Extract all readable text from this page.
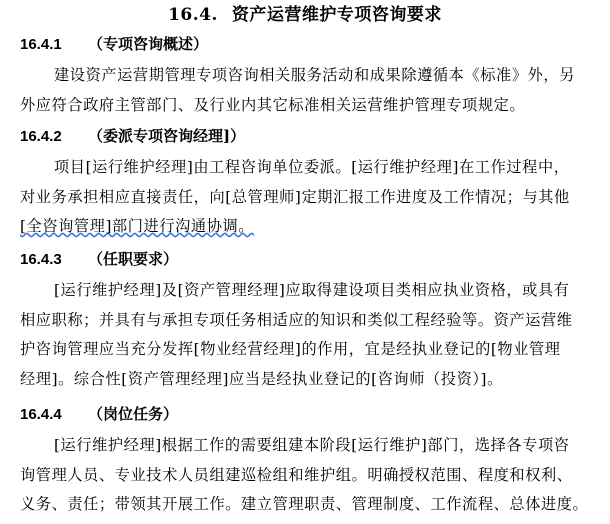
16.4. 资产运营维护专项咨询要求
16.4.1 （专项咨询概述）
建设资产运营期管理专项咨询相关服务活动和成果除遵循本《标准》外，另
外应符合政府主管部门、及行业内其它标准相关运营维护管理专项规定。
16.4.2 （委派专项咨询经理]）
项目[运行维护经理]由工程咨询单位委派。[运行维护经理]在工作过程中，
对业务承担相应直接责任，向[总管理师]定期汇报工作进度及工作情况；与其他
[全咨询管理]部门进行沟通协调。
16.4.3 （任职要求）
[运行维护经理]及[资产管理经理]应取得建设项目类相应执业资格，或具有
相应职称；并具有与承担专项任务相适应的知识和类似工程经验等。资产运营维
护咨询管理应当充分发挥[物业经营经理]的作用，宜是经执业登记的[物业管理
经理]。综合性[资产管理经理]应当是经执业登记的[咨询师（投资）]。
16.4.4 （岗位任务）
[运行维护经理]根据工作的需要组建本阶段[运行维护]部门，选择各专项咨
询管理人员、专业技术人员组建巡检组和维护组。明确授权范围、程度和权利、
义务、责任；带领其开展工作。建立管理职责、管理制度、工作流程、总体进度。
